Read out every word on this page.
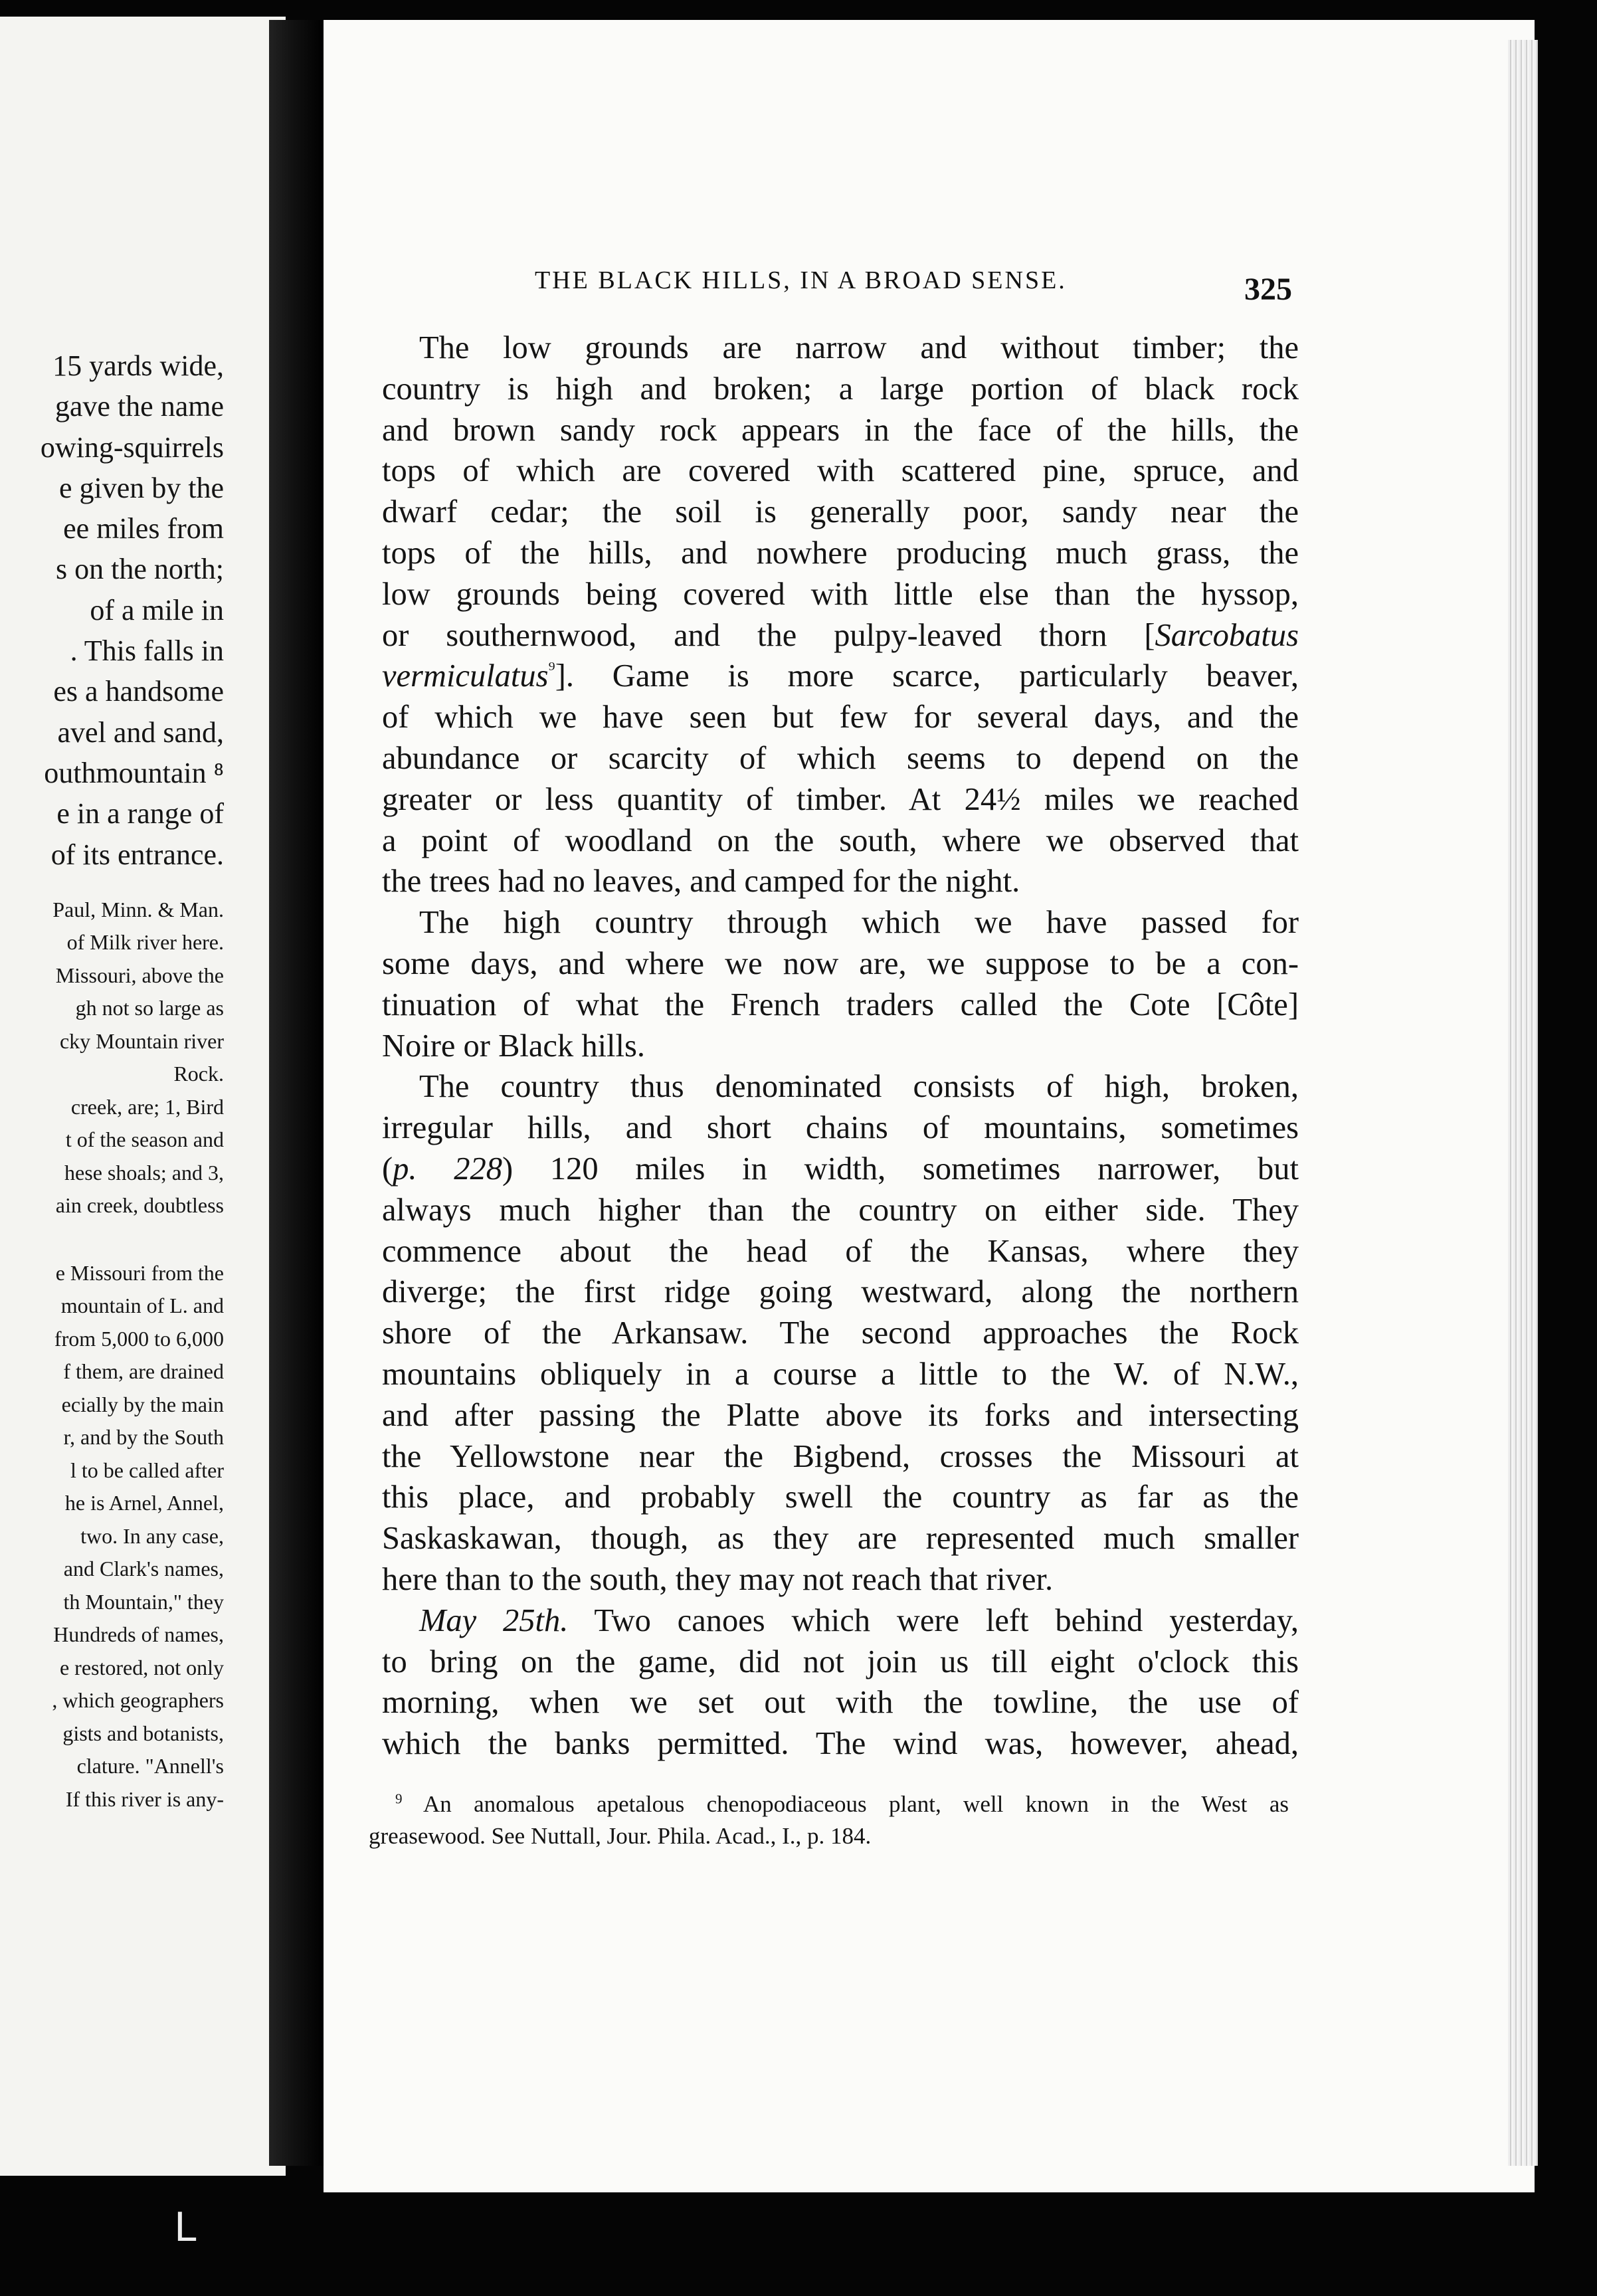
15 yards wide,
gave the name
owing-squirrels
e given by the
ee miles from
s on the north;
of a mile in
. This falls in
es a handsome
avel and sand,
outhmountain ⁸
e in a range of
of its entrance.
Paul, Minn. & Man.
of Milk river here.
Missouri, above the
gh not so large as
cky Mountain river
Rock.
creek, are; 1, Bird
t of the season and
hese shoals; and 3,
ain creek, doubtless
e Missouri from the
mountain of L. and
from 5,000 to 6,000
f them, are drained
ecially by the main
r, and by the South
l to be called after
he is Arnel, Annel,
two. In any case,
and Clark's names,
th Mountain," they
Hundreds of names,
e restored, not only
, which geographers
gists and botanists,
clature. "Annell's
If this river is any-
THE BLACK HILLS, IN A BROAD SENSE.	325
The low grounds are narrow and without timber; the
country is high and broken; a large portion of black rock
and brown sandy rock appears in the face of the hills, the
tops of which are covered with scattered pine, spruce, and
dwarf cedar; the soil is generally poor, sandy near the
tops of the hills, and nowhere producing much grass, the
low grounds being covered with little else than the hyssop,
or southernwood, and the pulpy-leaved thorn [Sarcobatus
vermiculatus$^{^9}$]. Game is more scarce, particularly beaver,
of which we have seen but few for several days, and the
abundance or scarcity of which seems to depend on the
greater or less quantity of timber. At 24½ miles we reached
a point of woodland on the south, where we observed that
the trees had no leaves, and camped for the night.
The high country through which we have passed for
some days, and where we now are, we suppose to be a con-
tinuation of what the French traders called the Cote [Côte]
Noire or Black hills.
The country thus denominated consists of high, broken,
irregular hills, and short chains of mountains, sometimes
(p. 228) 120 miles in width, sometimes narrower, but
always much higher than the country on either side. They
commence about the head of the Kansas, where they
diverge; the first ridge going westward, along the northern
shore of the Arkansaw. The second approaches the Rock
mountains obliquely in a course a little to the W. of N.W.,
and after passing the Platte above its forks and intersecting
the Yellowstone near the Bigbend, crosses the Missouri at
this place, and probably swell the country as far as the
Saskaskawan, though, as they are represented much smaller
here than to the south, they may not reach that river.
May 25th. Two canoes which were left behind yesterday,
to bring on the game, did not join us till eight o'clock this
morning, when we set out with the towline, the use of
which the banks permitted. The wind was, however, ahead,
$^9$ An anomalous apetalous chenopodiaceous plant, well known in the West as
greasewood. See Nuttall, Jour. Phila. Acad., I., p. 184.
ᒪ
